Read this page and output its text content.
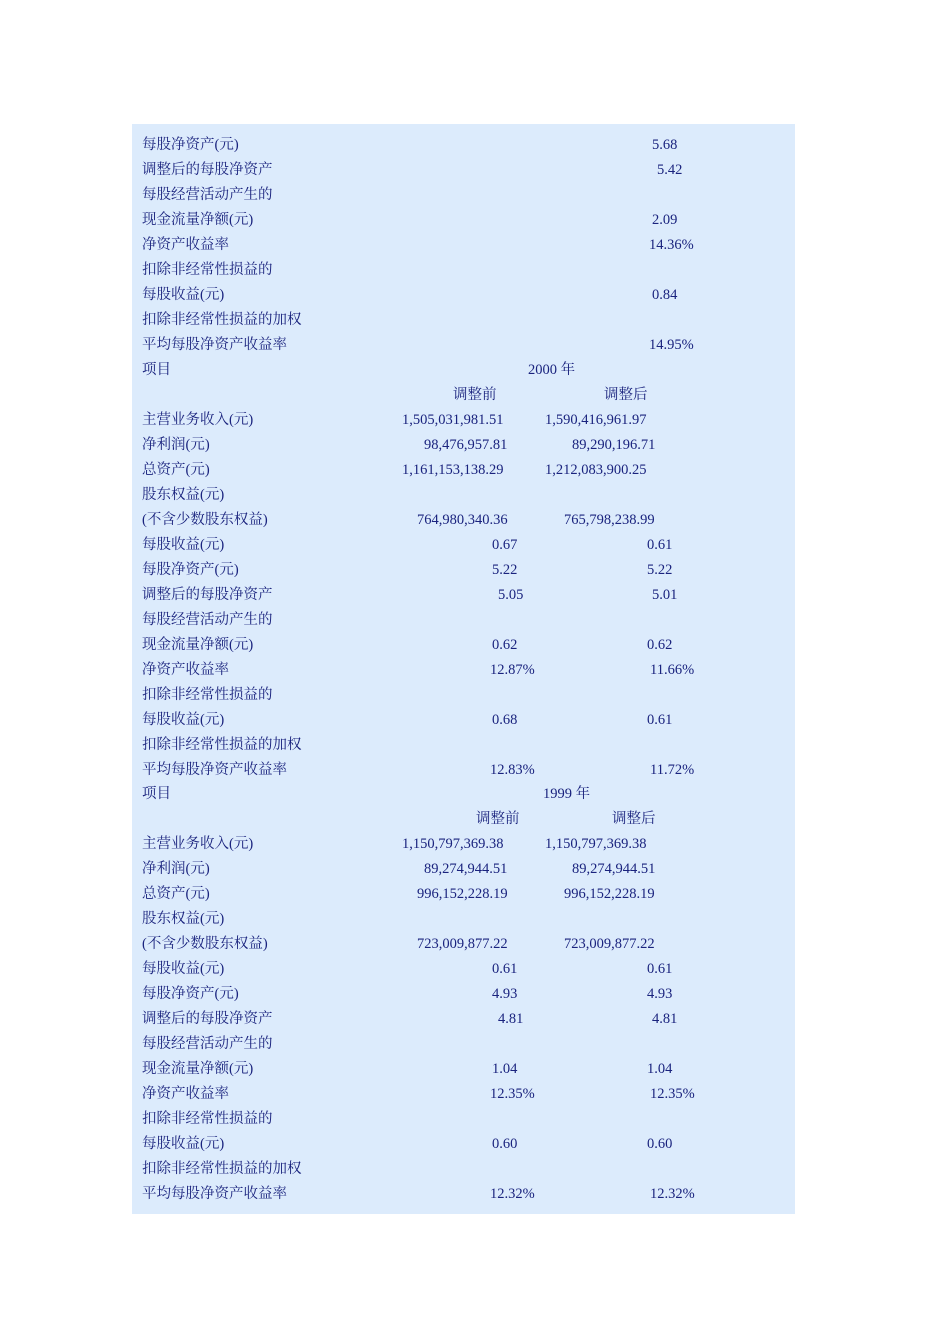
每股净资产(元)	5.68
调整后的每股净资产	5.42
每股经营活动产生的
现金流量净额(元)	2.09
净资产收益率	14.36%
扣除非经常性损益的
每股收益(元)	0.84
扣除非经常性损益的加权
平均每股净资产收益率	14.95%
项目	2000 年
调整前	调整后
主营业务收入(元)	1,505,031,981.51	1,590,416,961.97
净利润(元)	98,476,957.81	89,290,196.71
总资产(元)	1,161,153,138.29	1,212,083,900.25
股东权益(元)
(不含少数股东权益)	764,980,340.36	765,798,238.99
每股收益(元)	0.67	0.61
每股净资产(元)	5.22	5.22
调整后的每股净资产	5.05	5.01
每股经营活动产生的
现金流量净额(元)	0.62	0.62
净资产收益率	12.87%	11.66%
扣除非经常性损益的
每股收益(元)	0.68	0.61
扣除非经常性损益的加权
平均每股净资产收益率	12.83%	11.72%
项目	1999 年
调整前	调整后
主营业务收入(元)	1,150,797,369.38	1,150,797,369.38
净利润(元)	89,274,944.51	89,274,944.51
总资产(元)	996,152,228.19	996,152,228.19
股东权益(元)
(不含少数股东权益)	723,009,877.22	723,009,877.22
每股收益(元)	0.61	0.61
每股净资产(元)	4.93	4.93
调整后的每股净资产	4.81	4.81
每股经营活动产生的
现金流量净额(元)	1.04	1.04
净资产收益率	12.35%	12.35%
扣除非经常性损益的
每股收益(元)	0.60	0.60
扣除非经常性损益的加权
平均每股净资产收益率	12.32%	12.32%
